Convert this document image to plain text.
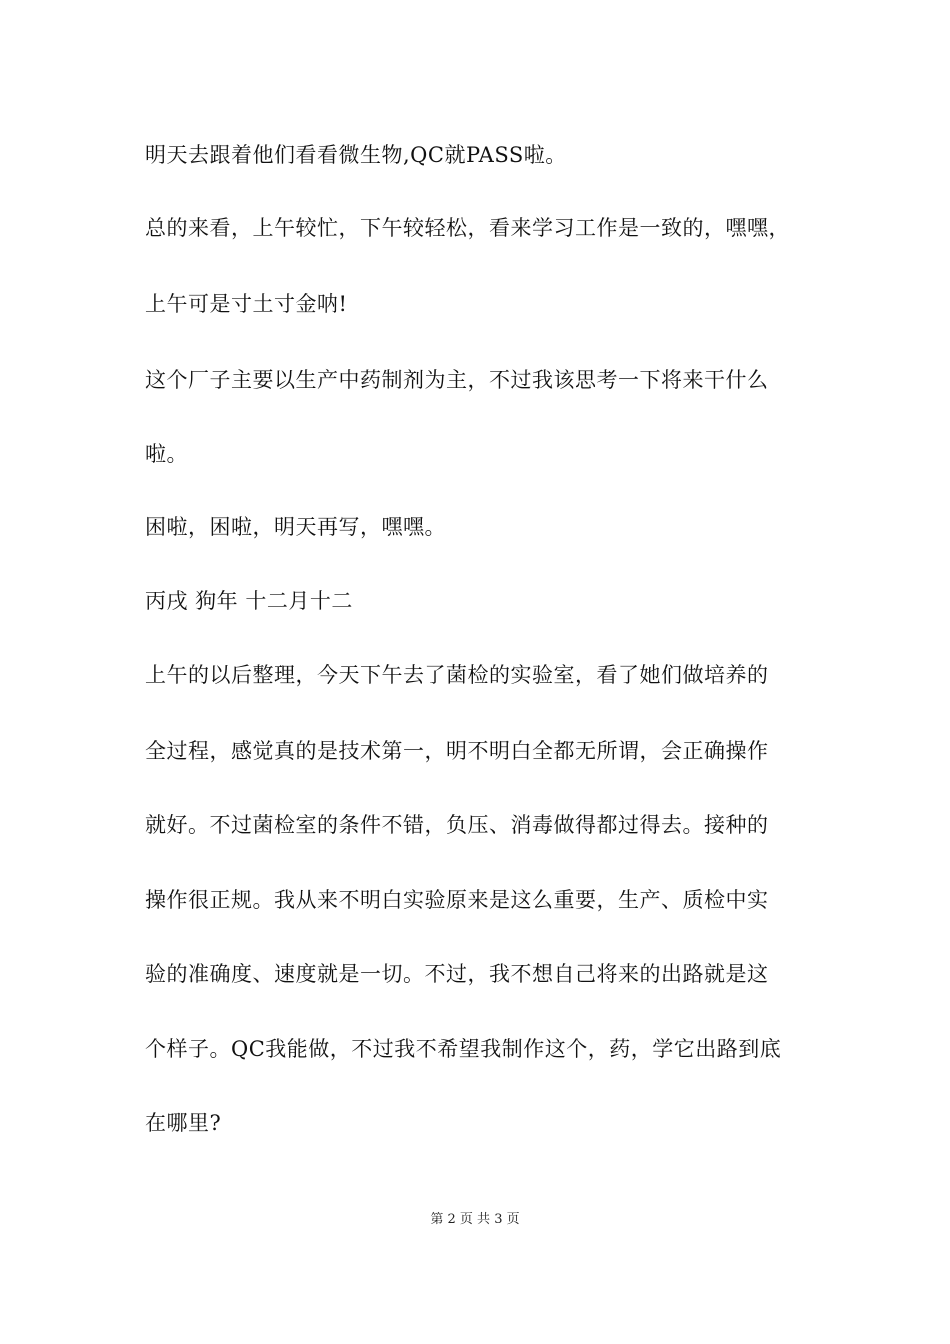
明天去跟着他们看看微生物,QC就PASS啦。
总的来看，上午较忙，下午较轻松，看来学习工作是一致的，嘿嘿，
上午可是寸土寸金呐!
这个厂子主要以生产中药制剂为主，不过我该思考一下将来干什么
啦。
困啦，困啦，明天再写，嘿嘿。
丙戌 狗年 十二月十二
上午的以后整理，今天下午去了菌检的实验室，看了她们做培养的
全过程，感觉真的是技术第一，明不明白全都无所谓，会正确操作
就好。不过菌检室的条件不错，负压、消毒做得都过得去。接种的
操作很正规。我从来不明白实验原来是这么重要，生产、质检中实
验的准确度、速度就是一切。不过，我不想自己将来的出路就是这
个样子。QC我能做，不过我不希望我制作这个，药，学它出路到底
在哪里?
第 2 页 共 3 页
